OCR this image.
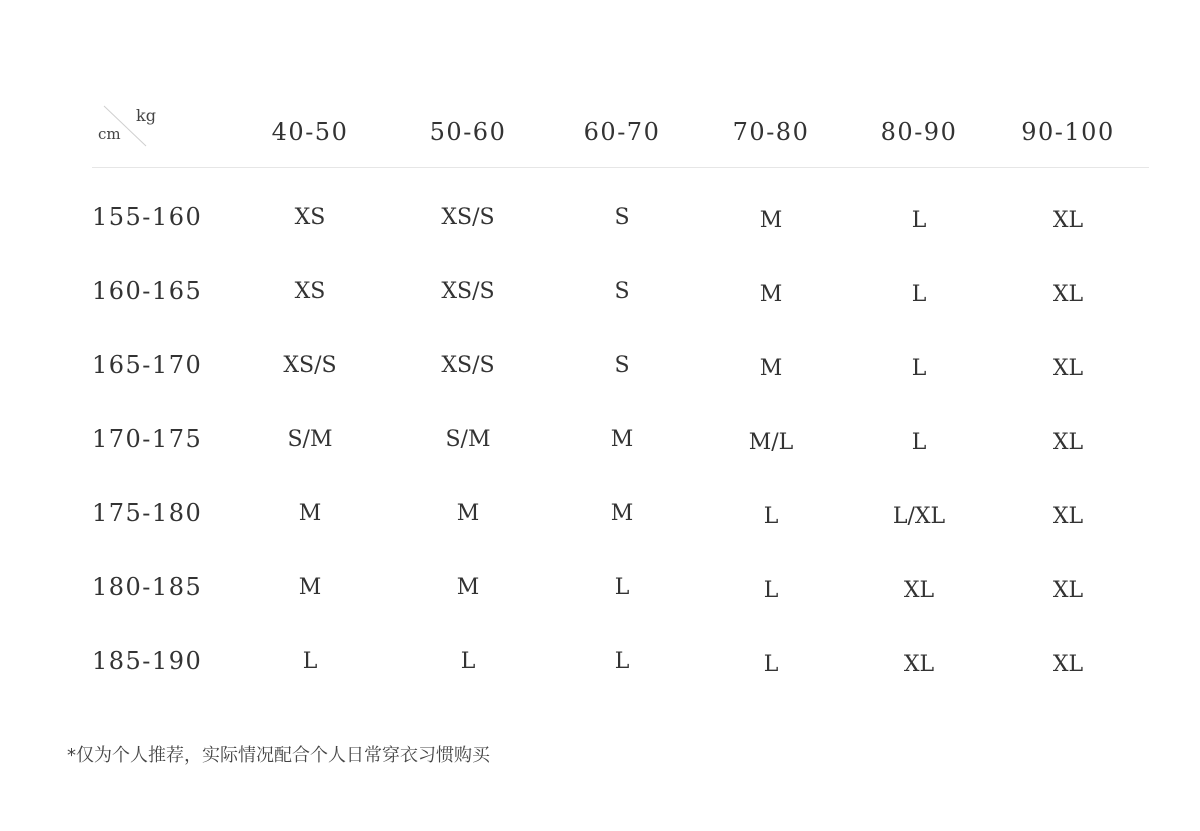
kg
cm	40-50	50-60	60-70	70-80	80-90	90-100
155-160	XS	XS/S	S	M	L	XL
160-165	XS	XS/S	S	M	L	XL
165-170	XS/S	XS/S	S	M	L	XL
170-175	S/M	S/M	M	M/L	L	XL
175-180	M	M	M	L	L/XL	XL
180-185	M	M	L	L	XL	XL
185-190	L	L	L	L	XL	XL
*仅为个人推荐，实际情况配合个人日常穿衣习惯购买
